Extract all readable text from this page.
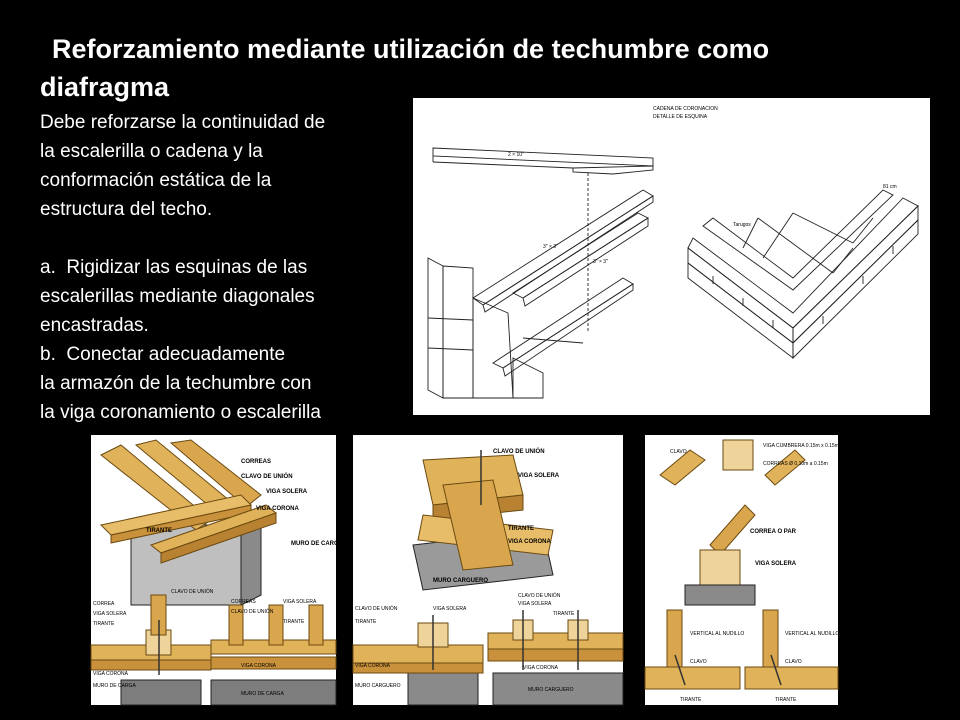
Reforzamiento mediante utilización de techumbre como
diafragma

Debe reforzarse la continuidad de

la escalerilla o cadena y la

conformación estática de la

estructura del techo.

a.  Rigidizar las esquinas de las

escalerillas mediante diagonales

encastradas.

b.  Conectar adecuadamente

la armazón de la techumbre con

la viga coronamiento o escalerilla

CADENA DE CORONACION
DETALLE DE ESQUINA
2 × 10"
3" × 3"
3" × 3"
Tarugos
81 cm
CORREAS
CLAVO DE UNIÓN
VIGA SOLERA
VIGA CORONA
TIRANTE
MURO DE CARGA
CORREA
VIGA SOLERA
TIRANTE
CLAVO DE UNIÓN
VIGA CORONA
MURO DE CARGA
CORREAS
CLAVO DE UNIÓN
VIGA SOLERA
TIRANTE
VIGA CORONA
MURO DE CARGA
CLAVO DE UNIÓN
VIGA SOLERA
TIRANTE
VIGA CORONA
MURO CARGUERO
CLAVO DE UNIÓN	VIGA SOLERA
TIRANTE
VIGA CORONA
MURO CARGUERO
CLAVO DE UNIÓN
VIGA SOLERA
TIRANTE
VIGA CORONA
MURO CARGUERO
CLAVO
VIGA CUMBRERA 0.15m x 0.15m
CORREAS Ø 0.10m a 0.15m
CORREA O PAR
VIGA SOLERA
VERTICAL AL NUDILLO
CLAVO
TIRANTE
VERTICAL AL NUDILLO
CLAVO
TIRANTE
